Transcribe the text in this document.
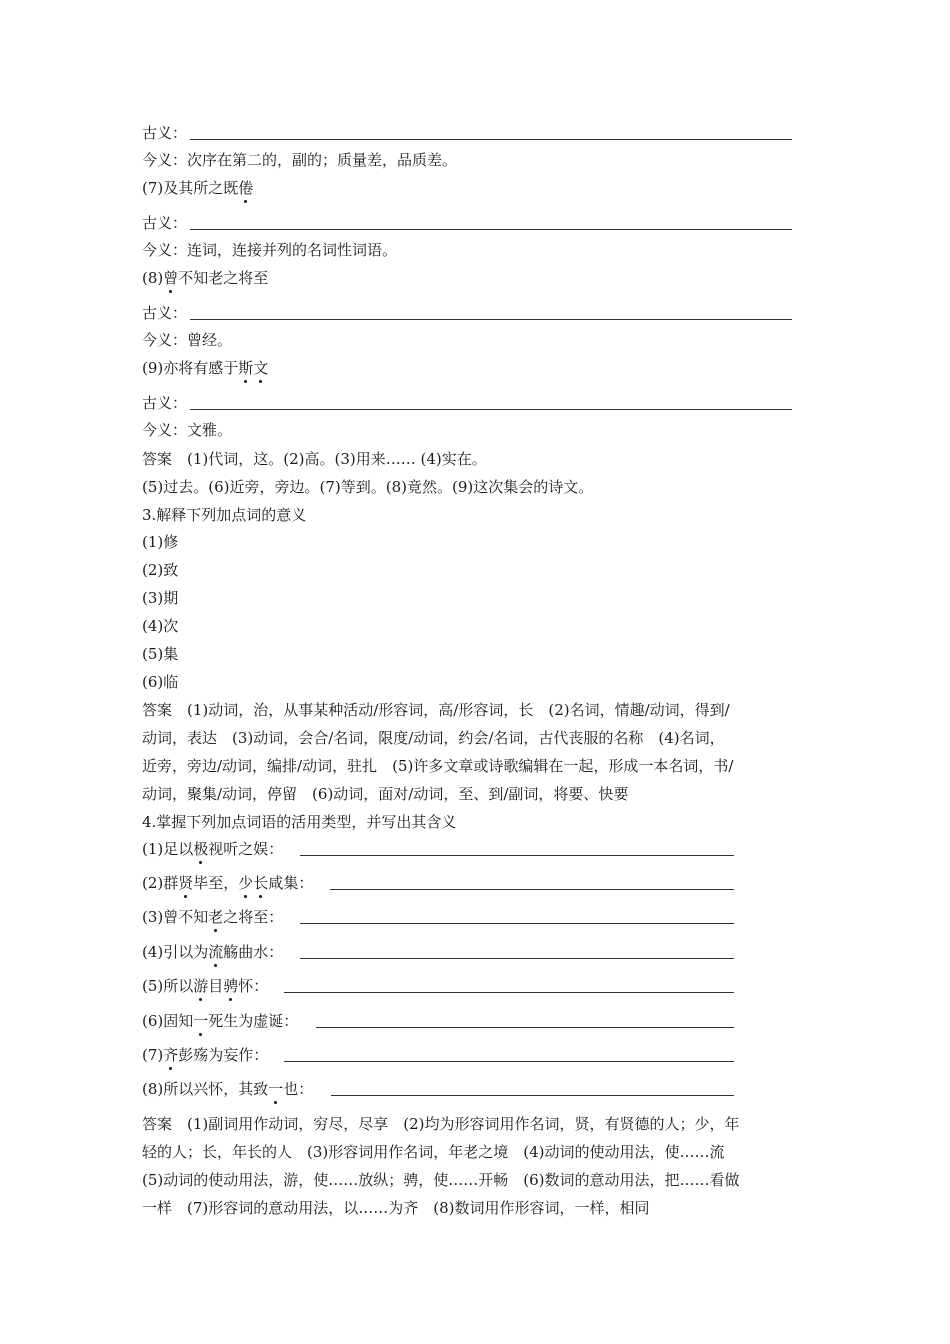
古义：
今义：次序在第二的，副的；质量差，品质差。
(7)及其所之既倦
古义：
今义：连词，连接并列的名词性词语。
(8)曾不知老之将至
古义：
今义：曾经。
(9)亦将有感于斯文
古义：
今义：文雅。
答案　(1)代词，这。(2)高。(3)用来…… (4)实在。
(5)过去。(6)近旁，旁边。(7)等到。(8)竟然。(9)这次集会的诗文。
3.解释下列加点词的意义
(1)修
(2)致
(3)期
(4)次
(5)集
(6)临
答案　(1)动词，治，从事某种活动/形容词，高/形容词，长　(2)名词，情趣/动词，得到/
动词，表达　(3)动词，会合/名词，限度/动词，约会/名词，古代丧服的名称　(4)名词，
近旁，旁边/动词，编排/动词，驻扎　(5)许多文章或诗歌编辑在一起，形成一本名词，书/
动词，聚集/动词，停留　(6)动词，面对/动词，至、到/副词，将要、快要
4.掌握下列加点词语的活用类型，并写出其含义
(1)足以极视听之娱：
(2)群贤毕至，少长咸集：
(3)曾不知老之将至：
(4)引以为流觞曲水：
(5)所以游目骋怀：
(6)固知一死生为虚诞：
(7)齐彭殇为妄作：
(8)所以兴怀，其致一也：
答案　(1)副词用作动词，穷尽，尽享　(2)均为形容词用作名词，贤，有贤德的人；少，年
轻的人；长，年长的人　(3)形容词用作名词，年老之境　(4)动词的使动用法，使……流
(5)动词的使动用法，游，使……放纵；骋，使……开畅　(6)数词的意动用法，把……看做
一样　(7)形容词的意动用法，以……为齐　(8)数词用作形容词，一样，相同
